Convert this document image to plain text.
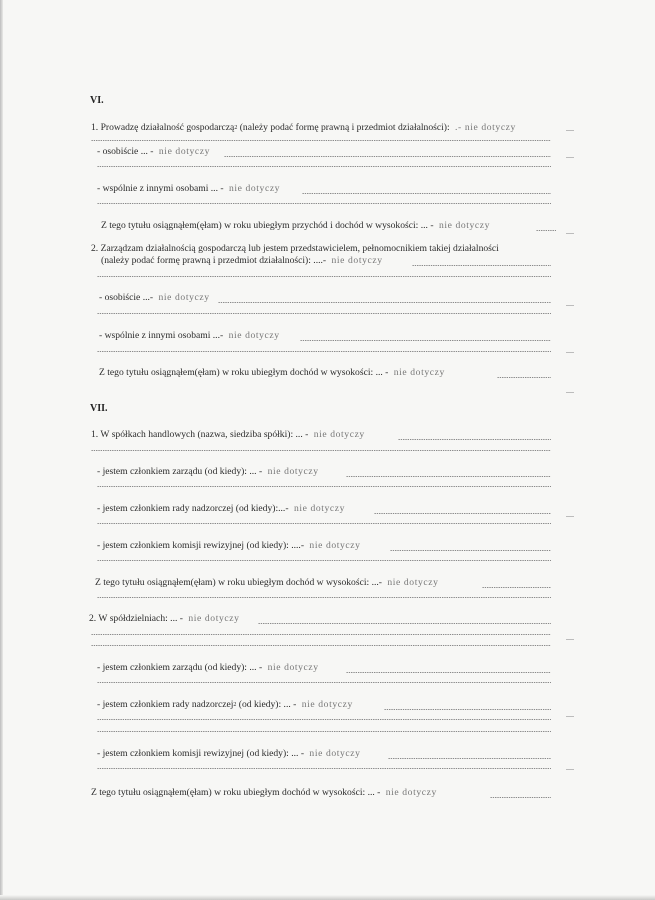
VI.
1. Prowadzę działalność gospodarczą$^2$ (należy podać formę prawną i przedmiot działalności): .- nie dotyczy
- osobiście ... - nie dotyczy
- wspólnie z innymi osobami ... - nie dotyczy
Z tego tytułu osiągnąłem(ęłam) w roku ubiegłym przychód i dochód w wysokości: ... - nie dotyczy
2. Zarządzam działalnością gospodarczą lub jestem przedstawicielem, pełnomocnikiem takiej działalności
(należy podać formę prawną i przedmiot działalności): ....- nie dotyczy
- osobiście ...- nie dotyczy
- wspólnie z innymi osobami ...- nie dotyczy
Z tego tytułu osiągnąłem(ęłam) w roku ubiegłym dochód w wysokości: ... - nie dotyczy
VII.
1. W spółkach handlowych (nazwa, siedziba spółki): ... - nie dotyczy
- jestem członkiem zarządu (od kiedy): ... - nie dotyczy
- jestem członkiem rady nadzorczej (od kiedy):...- nie dotyczy
- jestem członkiem komisji rewizyjnej (od kiedy): ....- nie dotyczy
Z tego tytułu osiągnąłem(ęłam) w roku ubiegłym dochód w wysokości: ...- nie dotyczy
2. W spółdzielniach: ... - nie dotyczy
- jestem członkiem zarządu (od kiedy): ... - nie dotyczy
- jestem członkiem rady nadzorczej$^2$ (od kiedy): ... - nie dotyczy
- jestem członkiem komisji rewizyjnej (od kiedy): ... - nie dotyczy
Z tego tytułu osiągnąłem(ęłam) w roku ubiegłym dochód w wysokości: ... - nie dotyczy
